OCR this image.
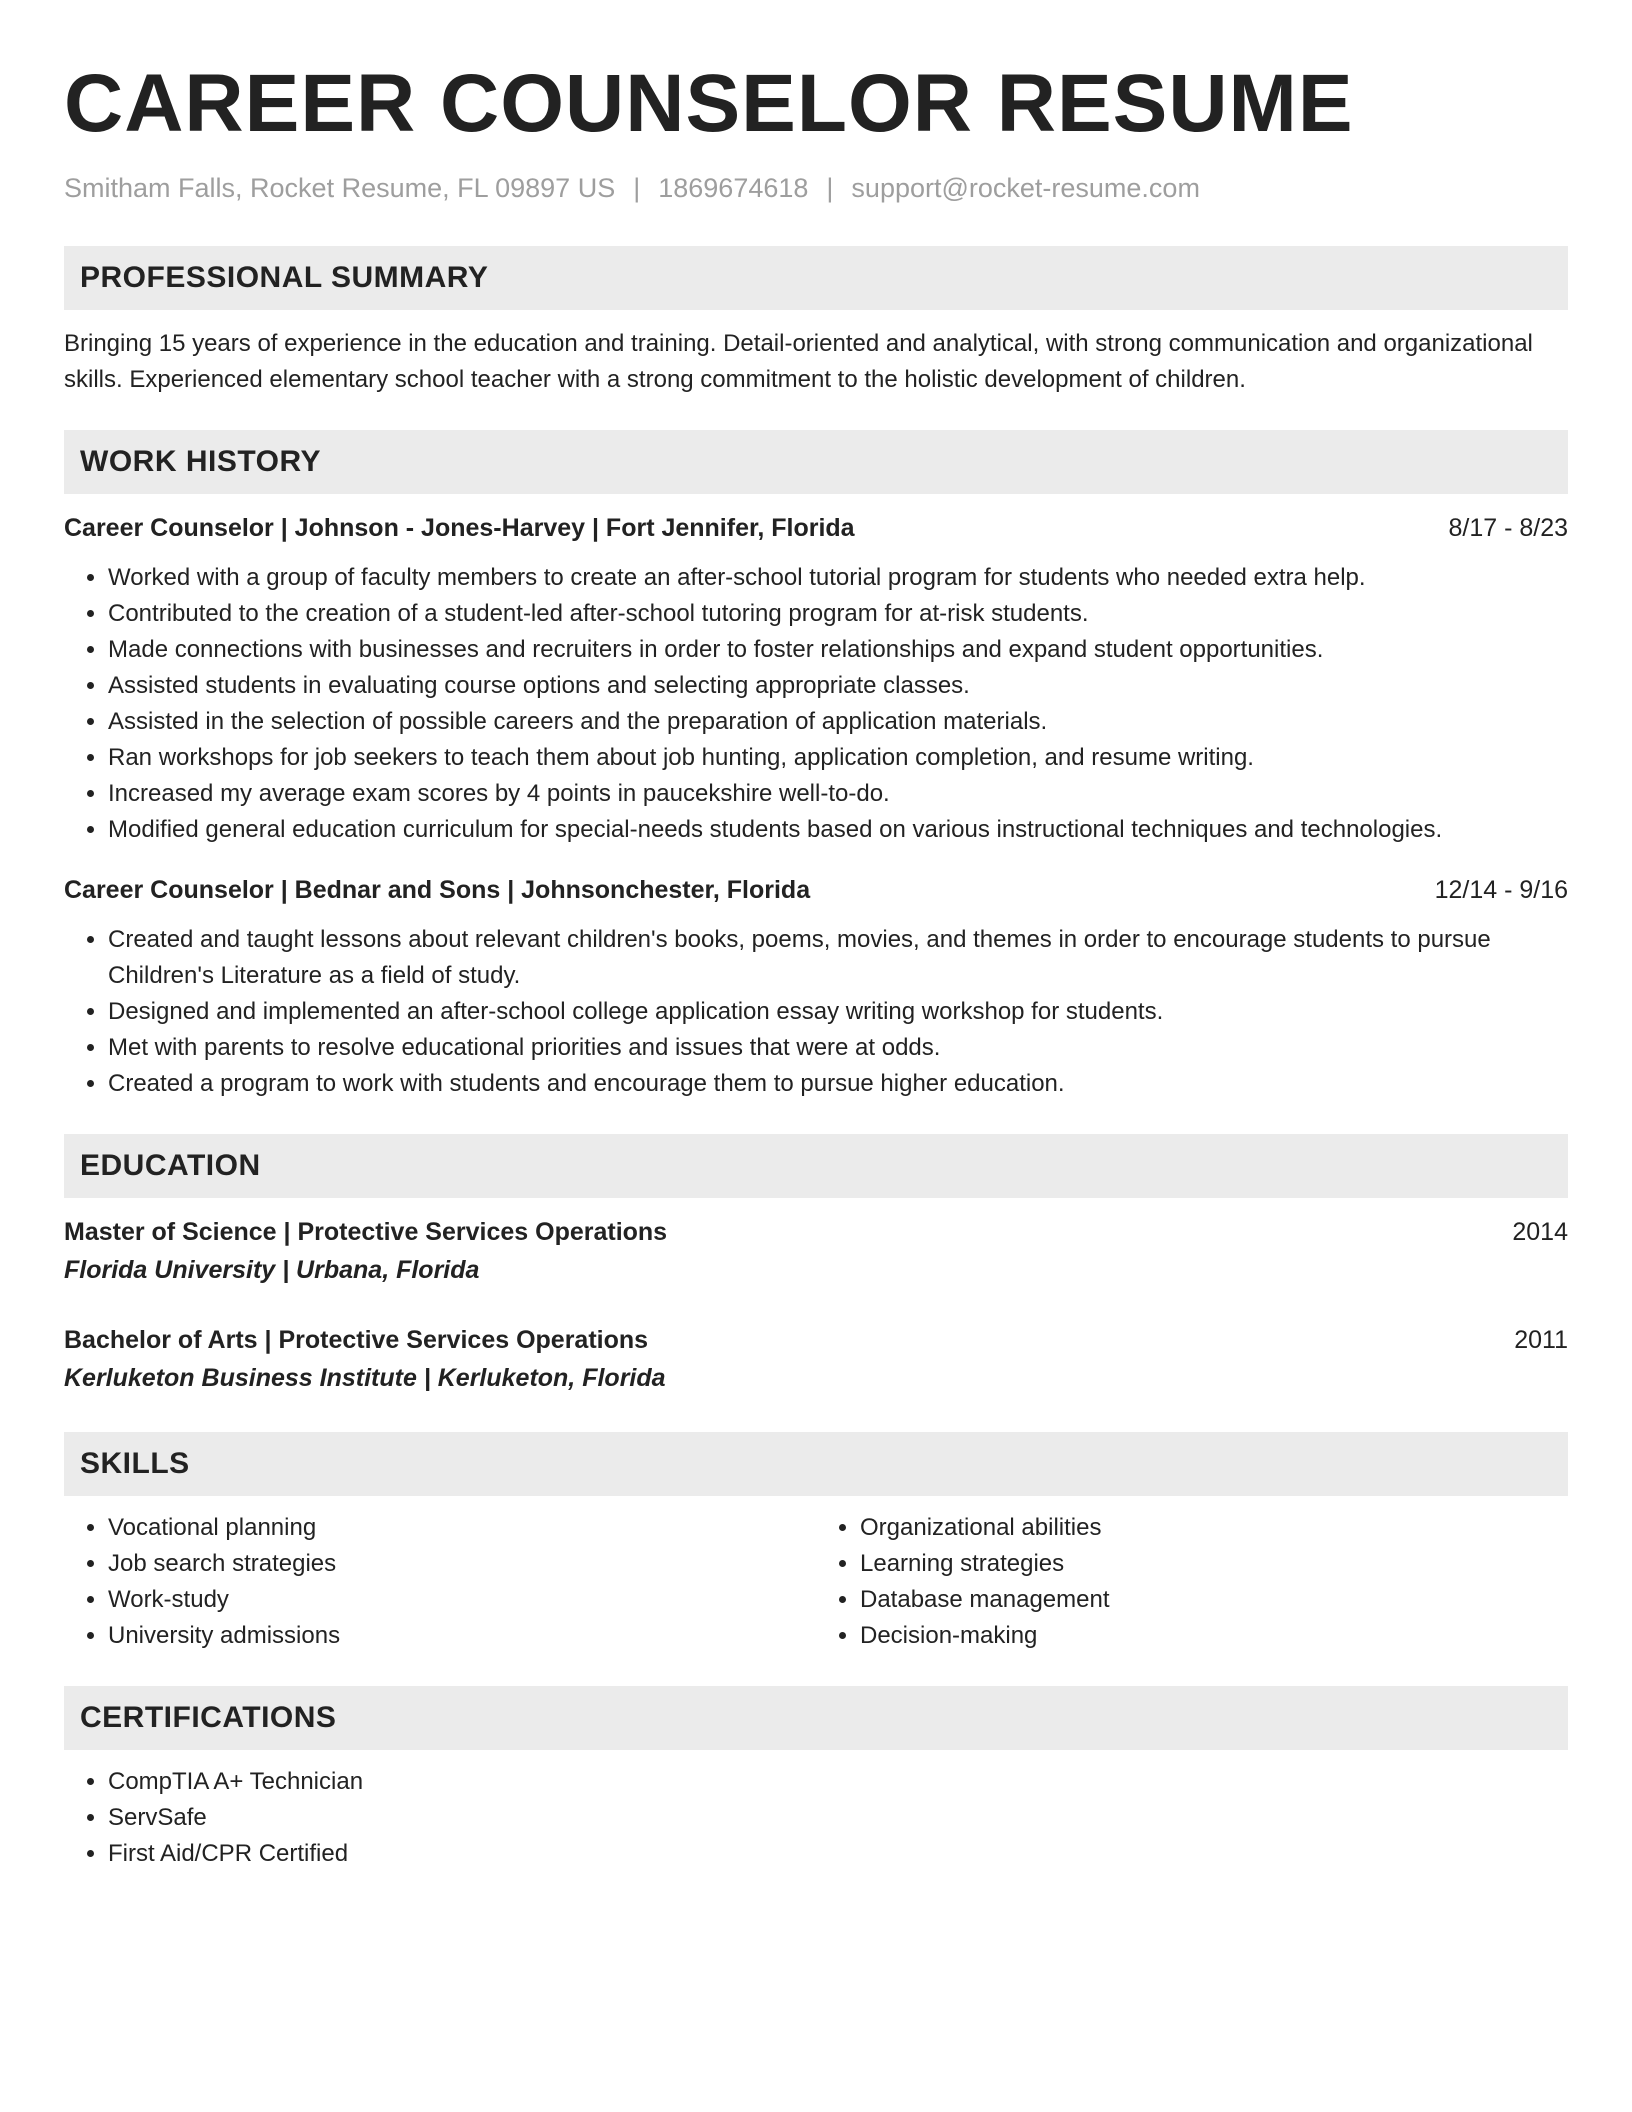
CAREER COUNSELOR RESUME
Smitham Falls, Rocket Resume, FL 09897 US | 1869674618 | support@rocket-resume.com
PROFESSIONAL SUMMARY
Bringing 15 years of experience in the education and training. Detail-oriented and analytical, with strong communication and organizational skills. Experienced elementary school teacher with a strong commitment to the holistic development of children.
WORK HISTORY
Career Counselor | Johnson - Jones-Harvey | Fort Jennifer, Florida	8/17 - 8/23
• Worked with a group of faculty members to create an after-school tutorial program for students who needed extra help.
• Contributed to the creation of a student-led after-school tutoring program for at-risk students.
• Made connections with businesses and recruiters in order to foster relationships and expand student opportunities.
• Assisted students in evaluating course options and selecting appropriate classes.
• Assisted in the selection of possible careers and the preparation of application materials.
• Ran workshops for job seekers to teach them about job hunting, application completion, and resume writing.
• Increased my average exam scores by 4 points in paucekshire well-to-do.
• Modified general education curriculum for special-needs students based on various instructional techniques and technologies.
Career Counselor | Bednar and Sons | Johnsonchester, Florida	12/14 - 9/16
• Created and taught lessons about relevant children's books, poems, movies, and themes in order to encourage students to pursue Children's Literature as a field of study.
• Designed and implemented an after-school college application essay writing workshop for students.
• Met with parents to resolve educational priorities and issues that were at odds.
• Created a program to work with students and encourage them to pursue higher education.
EDUCATION
Master of Science | Protective Services Operations	2014
Florida University | Urbana, Florida
Bachelor of Arts | Protective Services Operations	2011
Kerluketon Business Institute | Kerluketon, Florida
SKILLS
• Vocational planning
• Job search strategies
• Work-study
• University admissions
• Organizational abilities
• Learning strategies
• Database management
• Decision-making
CERTIFICATIONS
• CompTIA A+ Technician
• ServSafe
• First Aid/CPR Certified
